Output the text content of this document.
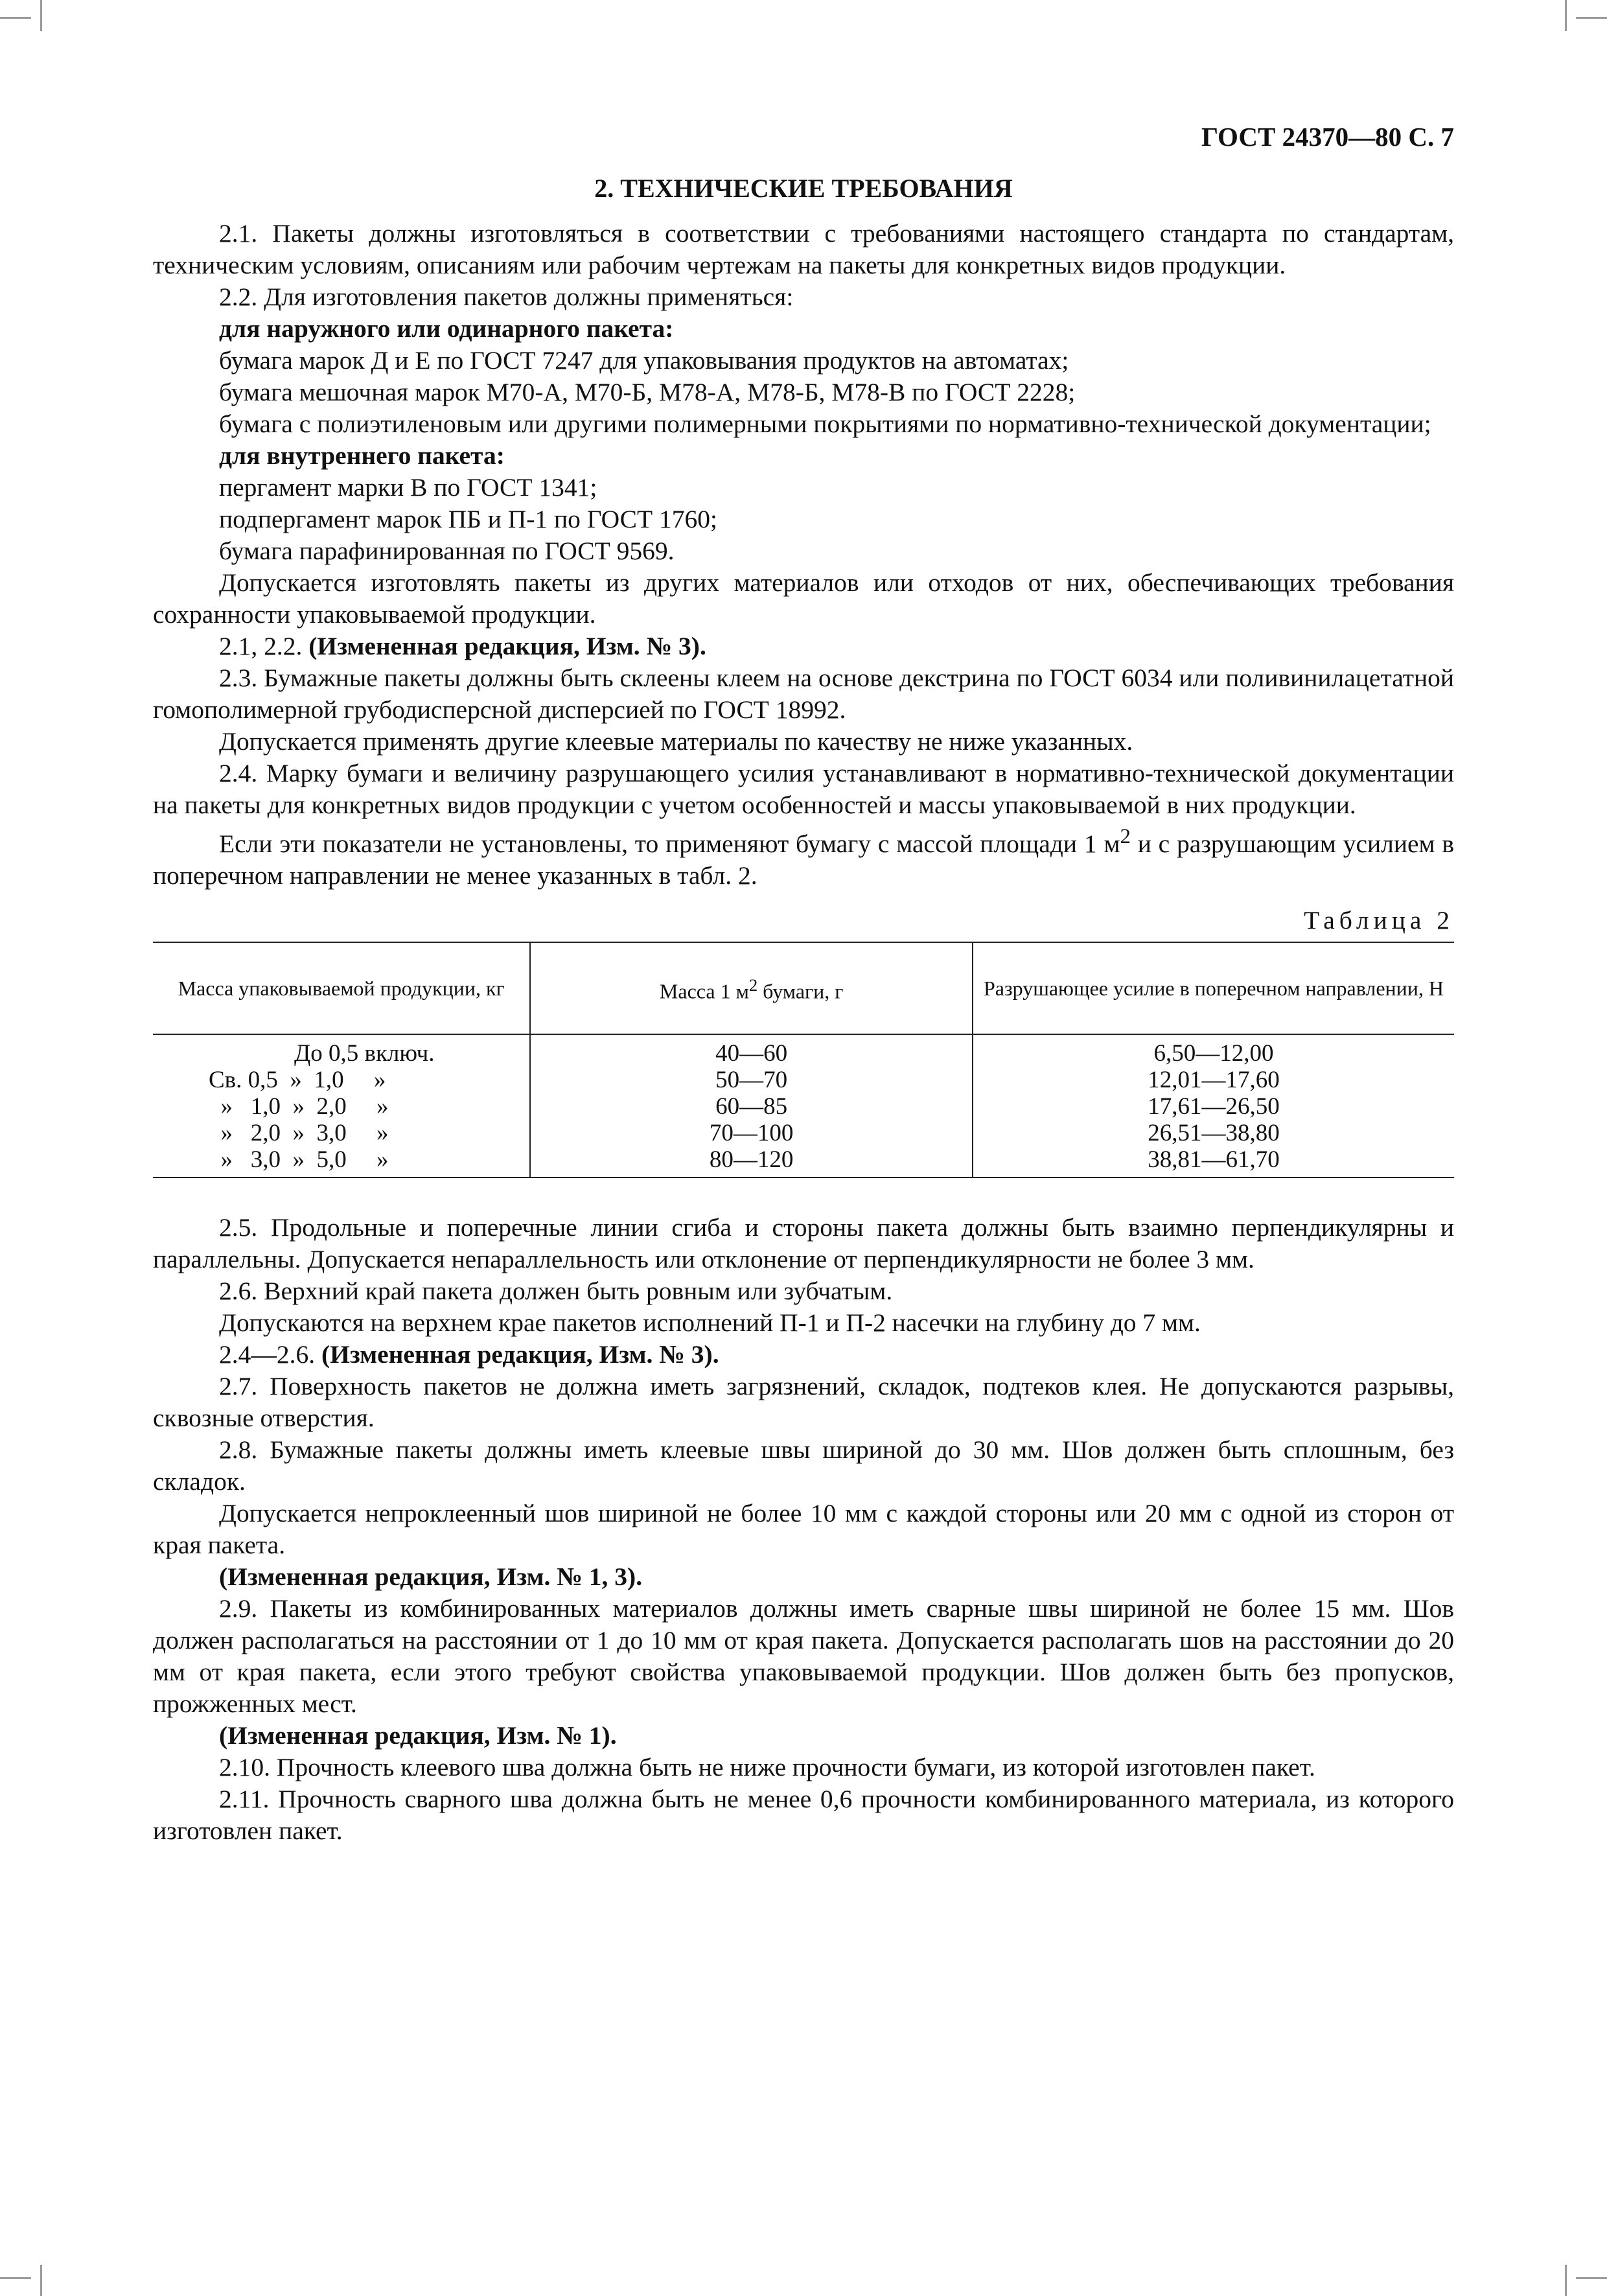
ГОСТ 24370—80 С. 7
2. ТЕХНИЧЕСКИЕ ТРЕБОВАНИЯ

2.1. Пакеты должны изготовляться в соответствии с требованиями настоящего стандарта по стандартам, техническим условиям, описаниям или рабочим чертежам на пакеты для конкретных видов продукции.

2.2. Для изготовления пакетов должны применяться:

для наружного или одинарного пакета:

бумага марок Д и Е по ГОСТ 7247 для упаковывания продуктов на автоматах;

бумага мешочная марок М70-А, М70-Б, М78-А, М78-Б, М78-В по ГОСТ 2228;

бумага с полиэтиленовым или другими полимерными покрытиями по нормативно-технической документации;

для внутреннего пакета:

пергамент марки В по ГОСТ 1341;

подпергамент марок ПБ и П-1 по ГОСТ 1760;

бумага парафинированная по ГОСТ 9569.

Допускается изготовлять пакеты из других материалов или отходов от них, обеспечивающих требования сохранности упаковываемой продукции.

2.1, 2.2. (Измененная редакция, Изм. № 3).

2.3. Бумажные пакеты должны быть склеены клеем на основе декстрина по ГОСТ 6034 или поливинилацетатной гомополимерной грубодисперсной дисперсией по ГОСТ 18992.

Допускается применять другие клеевые материалы по качеству не ниже указанных.

2.4. Марку бумаги и величину разрушающего усилия устанавливают в нормативно-технической документации на пакеты для конкретных видов продукции с учетом особенностей и массы упаковываемой в них продукции.

Если эти показатели не установлены, то применяют бумагу с массой площади 1 $м^2$ и с разрушающим усилием в поперечном направлении не менее указанных в табл. 2.

Таблица 2
Масса упаковываемой продукции, кг	Масса 1 $м^2$ бумаги, г	Разрушающее усилие в поперечном направлении, Н
До 0,5 включ.	40—60	6,50—12,00
Св. 0,5  »  1,0     »	50—70	12,01—17,60
»   1,0  »  2,0     »	60—85	17,61—26,50
»   2,0  »  3,0     »	70—100	26,51—38,80
»   3,0  »  5,0     »	80—120	38,81—61,70

2.5. Продольные и поперечные линии сгиба и стороны пакета должны быть взаимно перпендикулярны и параллельны. Допускается непараллельность или отклонение от перпендикулярности не более 3 мм.

2.6. Верхний край пакета должен быть ровным или зубчатым.

Допускаются на верхнем крае пакетов исполнений П-1 и П-2 насечки на глубину до 7 мм.

2.4—2.6. (Измененная редакция, Изм. № 3).

2.7. Поверхность пакетов не должна иметь загрязнений, складок, подтеков клея. Не допускаются разрывы, сквозные отверстия.

2.8. Бумажные пакеты должны иметь клеевые швы шириной до 30 мм. Шов должен быть сплошным, без складок.

Допускается непроклеенный шов шириной не более 10 мм с каждой стороны или 20 мм с одной из сторон от края пакета.

(Измененная редакция, Изм. № 1, 3).

2.9. Пакеты из комбинированных материалов должны иметь сварные швы шириной не более 15 мм. Шов должен располагаться на расстоянии от 1 до 10 мм от края пакета. Допускается располагать шов на расстоянии до 20 мм от края пакета, если этого требуют свойства упаковываемой продукции. Шов должен быть без пропусков, прожженных мест.

(Измененная редакция, Изм. № 1).

2.10. Прочность клеевого шва должна быть не ниже прочности бумаги, из которой изготовлен пакет.

2.11. Прочность сварного шва должна быть не менее 0,6 прочности комбинированного материала, из которого изготовлен пакет.
